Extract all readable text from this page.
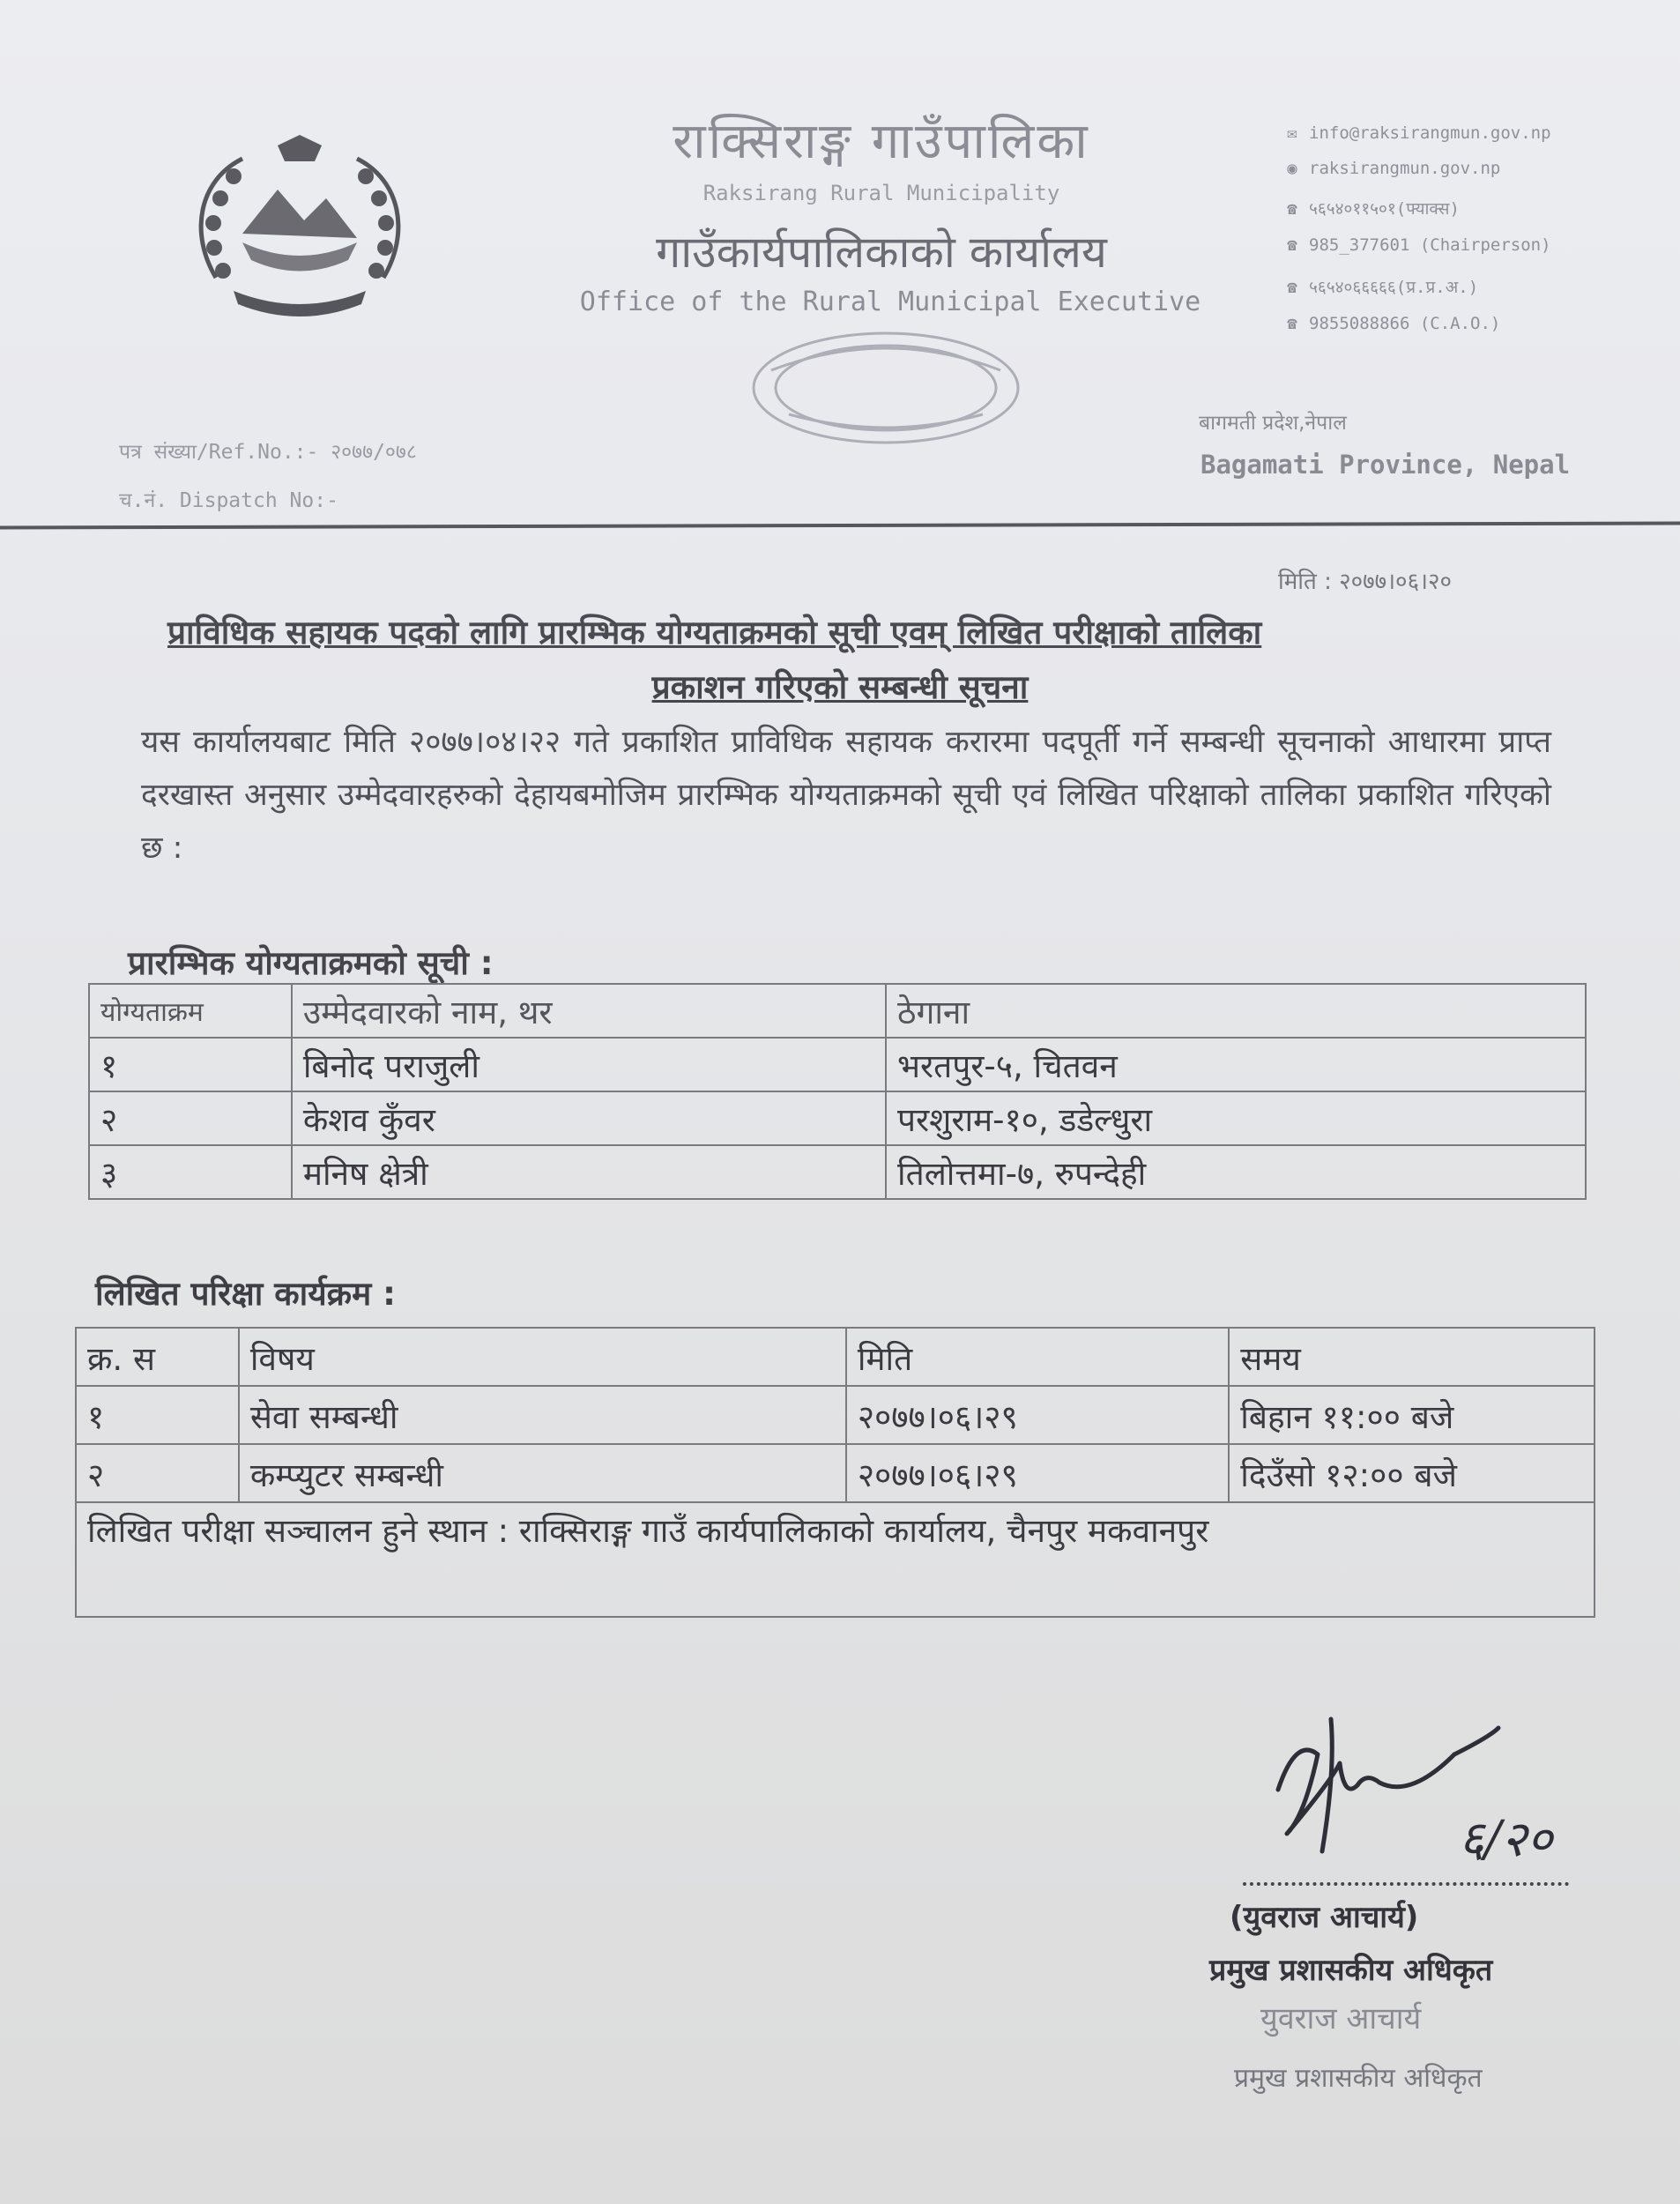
राक्सिराङ्ग गाउँपालिका
Raksirang Rural Municipality
गाउँकार्यपालिकाको कार्यालय
Office of the Rural Municipal Executive
✉ info@raksirangmun.gov.np
◉ raksirangmun.gov.np
☎ ५६५४०११५०१(फ्याक्स)
☎ 985_377601 (Chairperson)
☎ ५६५४०६६६६६(प्र.प्र.अ.)
☎ 9855088866 (C.A.O.)
पत्र संख्या/Ref.No.:- २०७७/०७८
च.नं. Dispatch No:-
बागमती प्रदेश,नेपाल
Bagamati Province, Nepal
मिति : २०७७।०६।२०
प्राविधिक सहायक पदको लागि प्रारम्भिक योग्यताक्रमको सूची एवम् लिखित परीक्षाको तालिका
प्रकाशन गरिएको सम्बन्धी सूचना
यस कार्यालयबाट मिति २०७७।०४।२२ गते प्रकाशित प्राविधिक सहायक करारमा पदपूर्ती गर्ने सम्बन्धी सूचनाको आधारमा प्राप्त दरखास्त अनुसार उम्मेदवारहरुको देहायबमोजिम प्रारम्भिक योग्यताक्रमको सूची एवं लिखित परिक्षाको तालिका प्रकाशित गरिएको छ :
प्रारम्भिक योग्यताक्रमको सूची :
योग्यताक्रम	उम्मेदवारको नाम, थर	ठेगाना
१	बिनोद पराजुली	भरतपुर-५, चितवन
२	केशव कुँवर	परशुराम-१०, डडेल्धुरा
३	मनिष क्षेत्री	तिलोत्तमा-७, रुपन्देही
लिखित परिक्षा कार्यक्रम :
क्र. स	विषय	मिति	समय
१	सेवा सम्बन्धी	२०७७।०६।२९	बिहान ११:०० बजे
२	कम्प्युटर सम्बन्धी	२०७७।०६।२९	दिउँसो १२:०० बजे
लिखित परीक्षा सञ्चालन हुने स्थान : राक्सिराङ्ग गाउँ कार्यपालिकाको कार्यालय, चैनपुर मकवानपुर			
६/२०
(युवराज आचार्य)
प्रमुख प्रशासकीय अधिकृत
युवराज आचार्य
प्रमुख प्रशासकीय अधिकृत
